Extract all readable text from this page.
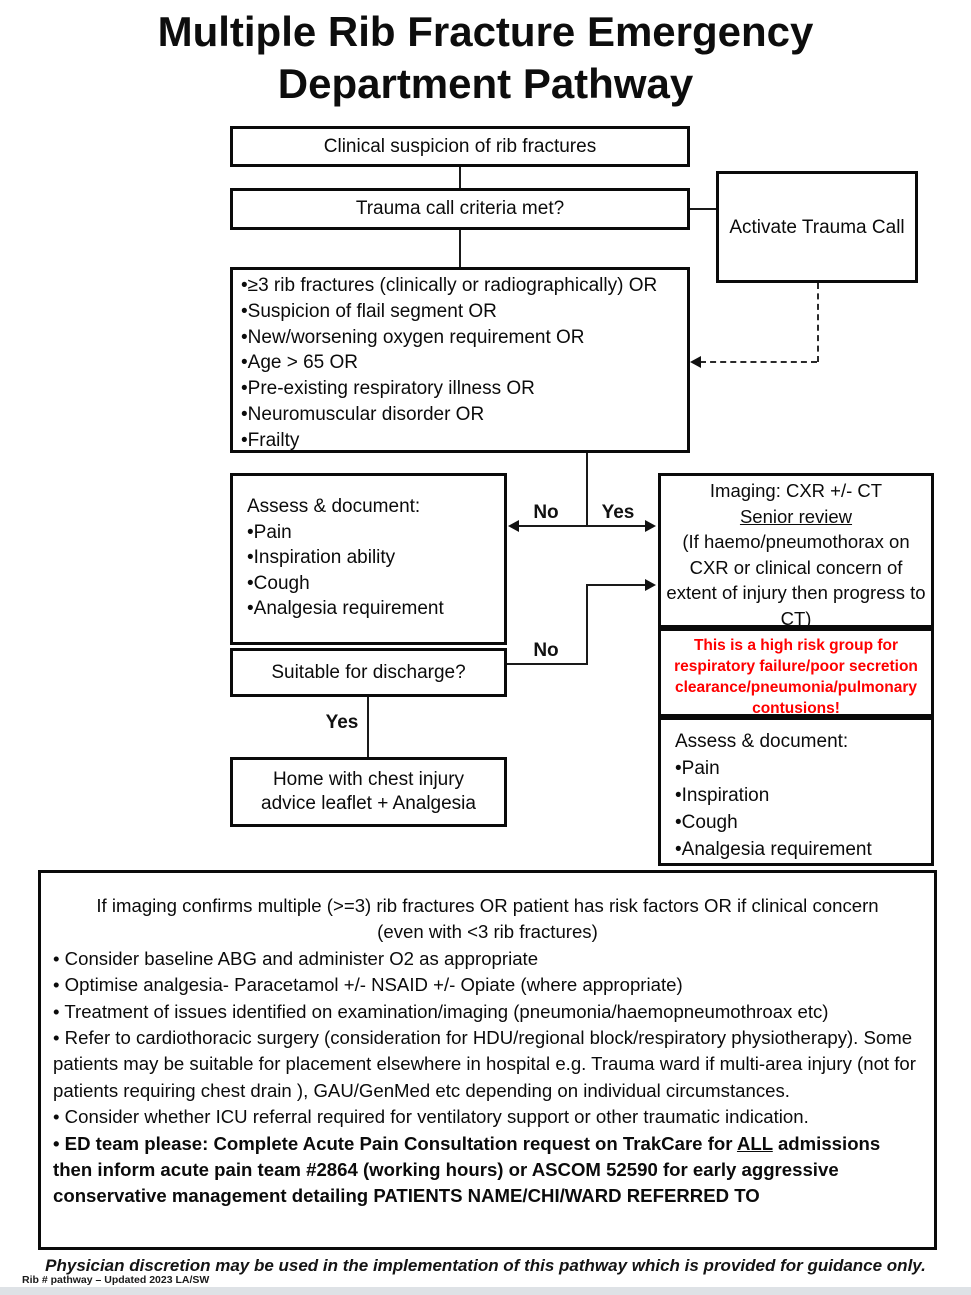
Multiple Rib Fracture Emergency
Department Pathway
Clinical suspicion of rib fractures
Trauma call criteria met?
Activate Trauma Call
•≥3 rib fractures (clinically or radiographically) OR
•Suspicion of flail segment OR
•New/worsening oxygen requirement OR
•Age > 65 OR
•Pre-existing respiratory illness OR
•Neuromuscular disorder OR
•Frailty
Assess & document:
•Pain
•Inspiration ability
•Cough
•Analgesia requirement
Suitable for discharge?
Home with chest injury
advice leaflet + Analgesia
Imaging: CXR +/- CT
Senior review
(If haemo/pneumothorax on CXR or clinical concern of extent of injury then progress to CT)
This is a high risk group for respiratory failure/poor secretion clearance/pneumonia/pulmonary contusions!
Assess & document:
•Pain
•Inspiration
•Cough
•Analgesia requirement
If imaging confirms multiple (>=3) rib fractures OR patient has risk factors OR if clinical concern
(even with <3 rib fractures)
• Consider baseline ABG and administer O2 as appropriate
• Optimise analgesia- Paracetamol +/- NSAID +/- Opiate (where appropriate)
• Treatment of issues identified on examination/imaging (pneumonia/haemopneumothroax etc)
• Refer to cardiothoracic surgery (consideration for HDU/regional block/respiratory physiotherapy). Some patients may be suitable for placement elsewhere in hospital e.g. Trauma ward if multi-area injury (not for patients requiring chest drain ), GAU/GenMed etc depending on individual circumstances.
• Consider whether ICU referral required for ventilatory support or other traumatic indication.
• ED team please: Complete Acute Pain Consultation request on TrakCare for ALL admissions then inform acute pain team #2864 (working hours) or ASCOM 52590 for early aggressive conservative management detailing PATIENTS NAME/CHI/WARD REFERRED TO
No	Yes
No
Yes
Physician discretion may be used in the implementation of this pathway which is provided for guidance only.
Rib # pathway – Updated 2023 LA/SW
